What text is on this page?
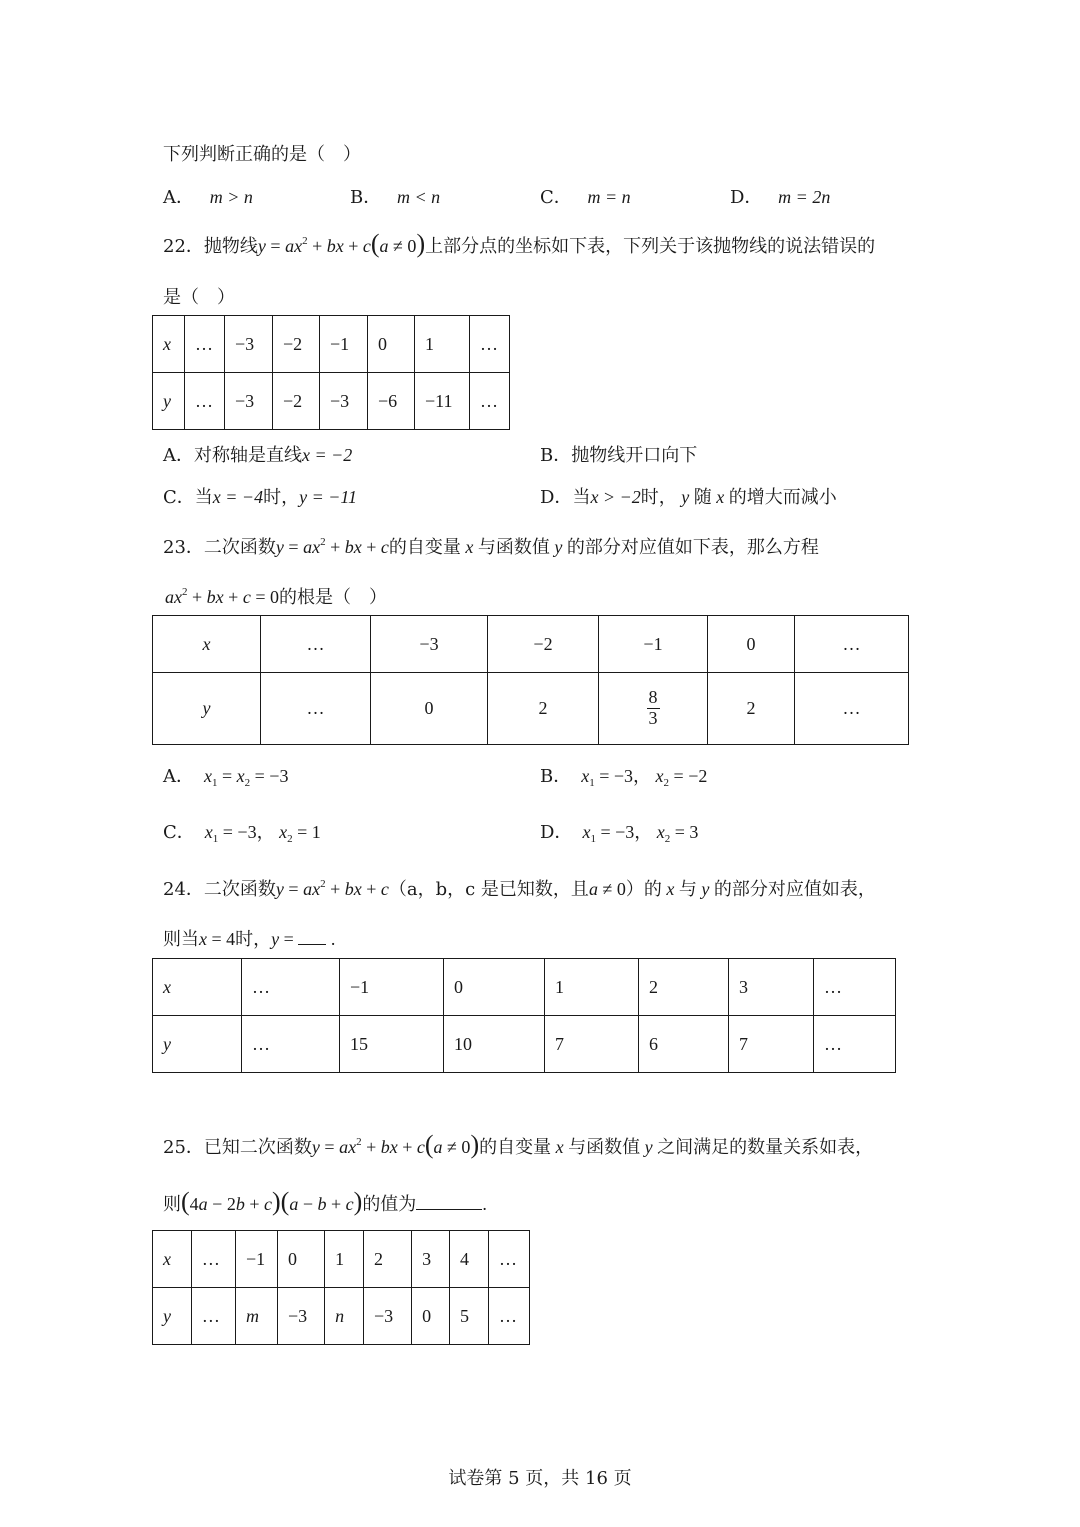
下列判断正确的是（　）
A． m > n	B． m < n	C． m = n	D． m = 2n
22．抛物线$y = ax^2$ + bx + c(a ≠ 0)上部分点的坐标如下表，下列关于该抛物线的说法错误的
是（　）
x	…	−3	−2	−1	0	1	…
y	…	−3	−2	−3	−6	−11	…
A．对称轴是直线x = −2	B．抛物线开口向下
C．当x = −4时，y = −11	D．当x > −2时， y 随 x 的增大而减小
23．二次函数$y = ax^2$ + bx + c的自变量 x 与函数值 y 的部分对应值如下表，那么方程
$ax^2$ + bx + c = 0的根是（　）
x	…	−3	−2	−1	0	…
y	…	0	2	$\frac{8}{3}$	2	…
A． $x_1 = x_2 = -3$	B． $x_1 = -3$， $x_2 = -2$
C． $x_1 = -3$， $x_2 = 1$	D． $x_1 = -3$， $x_2 = 3$
24．二次函数$y = ax^2$ + bx + c（a，b，c 是已知数，且a ≠ 0）的 x 与 y 的部分对应值如表，
则当x = 4时，y =  .
x	…	−1	0	1	2	3	…
y	…	15	10	7	6	7	…
25．已知二次函数$y = ax^2$ + bx + c(a ≠ 0)的自变量 x 与函数值 y 之间满足的数量关系如表，
则(4a − 2b + c)(a − b + c)的值为	.
x	…	−1	0	1	2	3	4	…
y	…	m	−3	n	−3	0	5	…
试卷第 5 页，共 16 页
